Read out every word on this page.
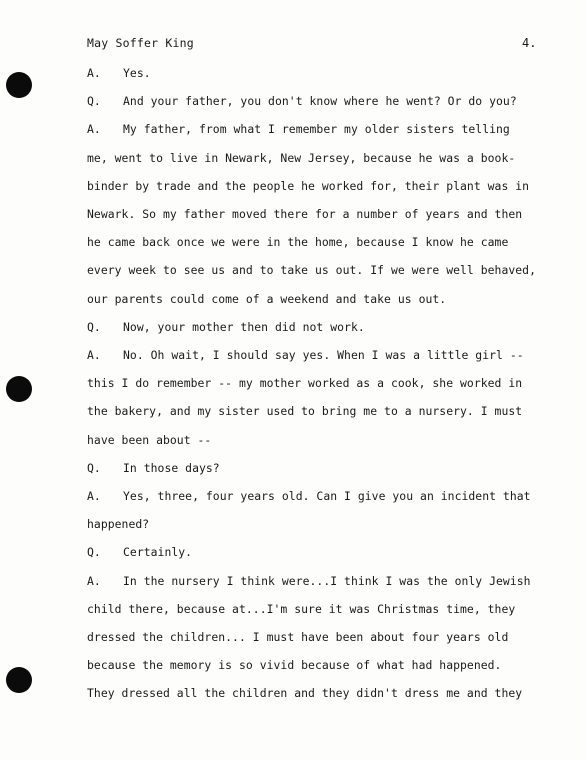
May Soffer King	4.
A. Yes.
Q. And your father, you don't know where he went? Or do you?
A. My father, from what I remember my older sisters telling
me, went to live in Newark, New Jersey, because he was a book-
binder by trade and the people he worked for, their plant was in
Newark. So my father moved there for a number of years and then
he came back once we were in the home, because I know he came
every week to see us and to take us out. If we were well behaved,
our parents could come of a weekend and take us out.
Q. Now, your mother then did not work.
A. No. Oh wait, I should say yes. When I was a little girl --
this I do remember -- my mother worked as a cook, she worked in
the bakery, and my sister used to bring me to a nursery. I must
have been about --
Q. In those days?
A. Yes, three, four years old. Can I give you an incident that
happened?
Q. Certainly.
A. In the nursery I think were...I think I was the only Jewish
child there, because at...I'm sure it was Christmas time, they
dressed the children... I must have been about four years old
because the memory is so vivid because of what had happened.
They dressed all the children and they didn't dress me and they
